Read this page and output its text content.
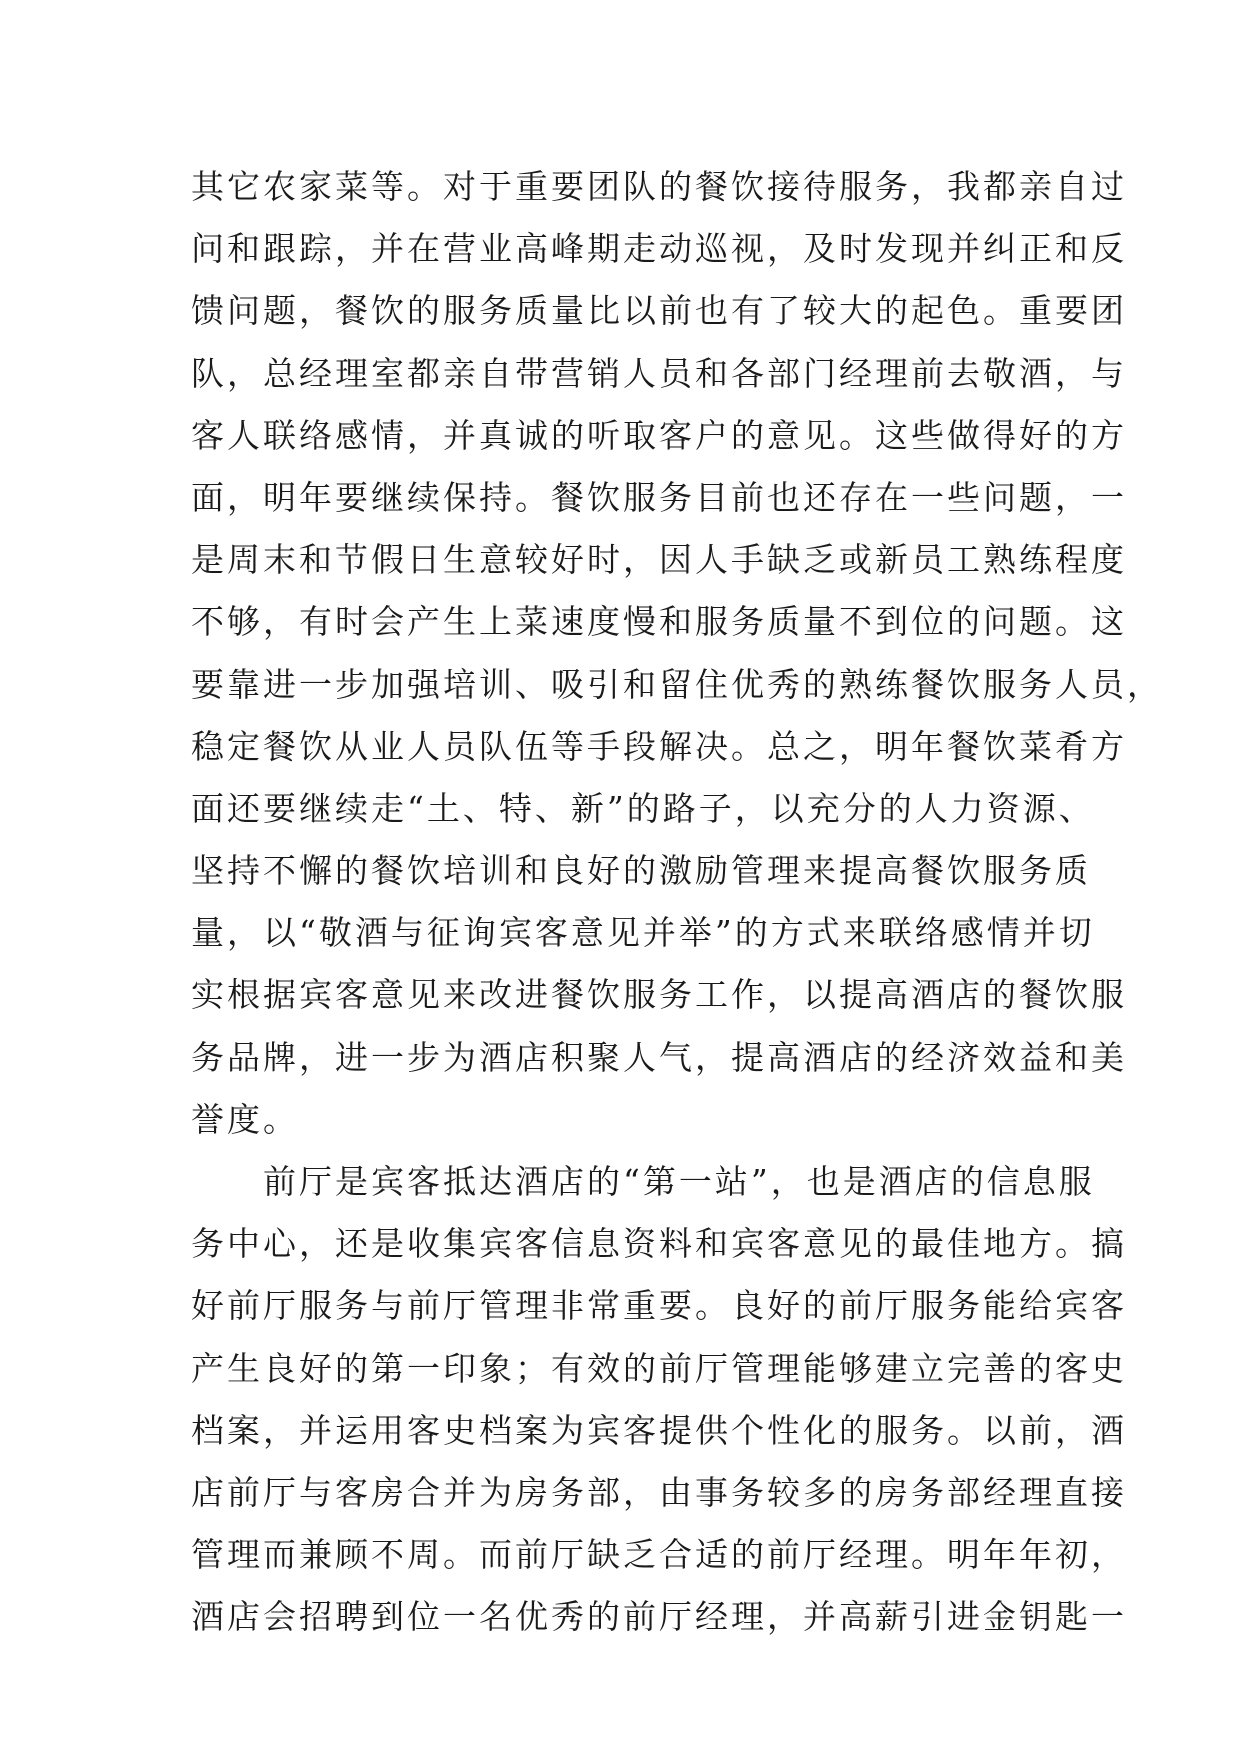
其它农家菜等。对于重要团队的餐饮接待服务，我都亲自过
问和跟踪，并在营业高峰期走动巡视，及时发现并纠正和反
馈问题，餐饮的服务质量比以前也有了较大的起色。重要团
队，总经理室都亲自带营销人员和各部门经理前去敬酒，与
客人联络感情，并真诚的听取客户的意见。这些做得好的方
面，明年要继续保持。餐饮服务目前也还存在一些问题，一
是周末和节假日生意较好时，因人手缺乏或新员工熟练程度
不够，有时会产生上菜速度慢和服务质量不到位的问题。这
要靠进一步加强培训、吸引和留住优秀的熟练餐饮服务人员，
稳定餐饮从业人员队伍等手段解决。总之，明年餐饮菜肴方
面还要继续走“土、特、新”的路子，以充分的人力资源、
坚持不懈的餐饮培训和良好的激励管理来提高餐饮服务质
量，以“敬酒与征询宾客意见并举”的方式来联络感情并切
实根据宾客意见来改进餐饮服务工作，以提高酒店的餐饮服
务品牌，进一步为酒店积聚人气，提高酒店的经济效益和美
誉度。
　　前厅是宾客抵达酒店的“第一站”，也是酒店的信息服
务中心，还是收集宾客信息资料和宾客意见的最佳地方。搞
好前厅服务与前厅管理非常重要。良好的前厅服务能给宾客
产生良好的第一印象；有效的前厅管理能够建立完善的客史
档案，并运用客史档案为宾客提供个性化的服务。以前，酒
店前厅与客房合并为房务部，由事务较多的房务部经理直接
管理而兼顾不周。而前厅缺乏合适的前厅经理。明年年初，
酒店会招聘到位一名优秀的前厅经理，并高薪引进金钥匙一
